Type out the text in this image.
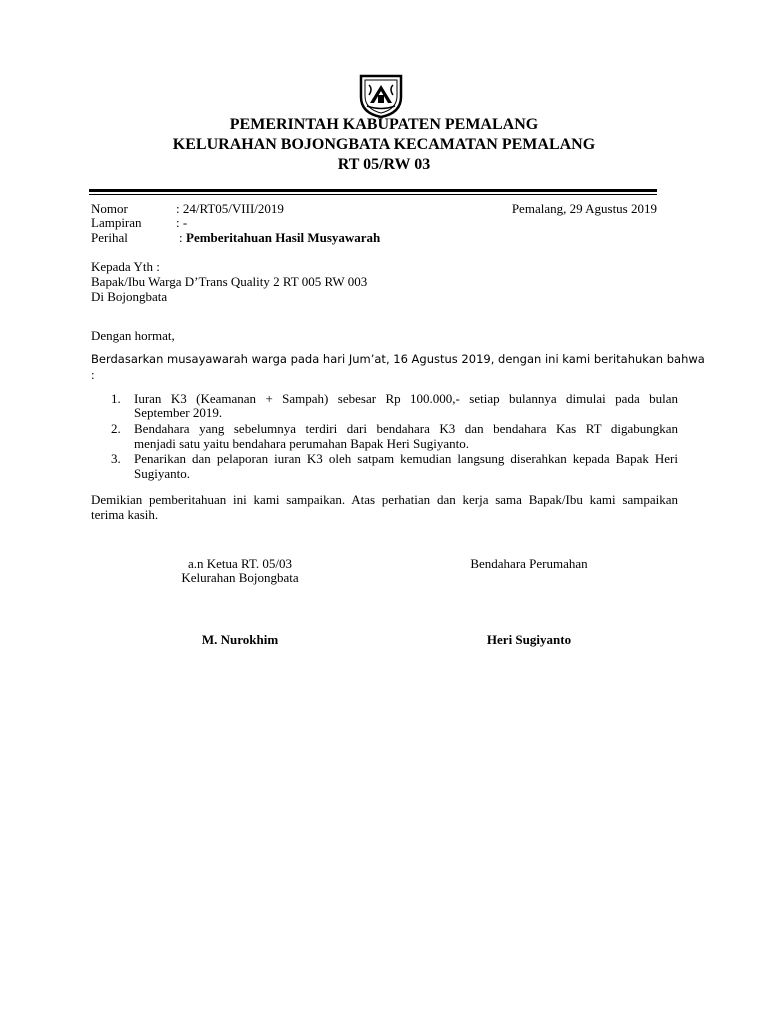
PEMERINTAH KABUPATEN PEMALANG
KELURAHAN BOJONGBATA KECAMATAN PEMALANG
RT 05/RW 03
Nomor	: 24/RT05/VIII/2019	Pemalang, 29 Agustus 2019
Lampiran	: -
Perihal	: Pemberitahuan Hasil Musyawarah
Kepada Yth :
Bapak/Ibu Warga D’Trans Quality 2 RT 005 RW 003
Di Bojongbata
Dengan hormat,
Berdasarkan musayawarah warga pada hari Jum’at, 16 Agustus 2019, dengan ini kami beritahukan bahwa
:
1. Iuran K3 (Keamanan + Sampah) sebesar Rp 100.000,- setiap bulannya dimulai pada bulan
September 2019.
2. Bendahara yang sebelumnya terdiri dari bendahara K3 dan bendahara Kas RT digabungkan
menjadi satu yaitu bendahara perumahan Bapak Heri Sugiyanto.
3. Penarikan dan pelaporan iuran K3 oleh satpam kemudian langsung diserahkan kepada Bapak Heri
Sugiyanto.
Demikian pemberitahuan ini kami sampaikan. Atas perhatian dan kerja sama Bapak/Ibu kami sampaikan
terima kasih.
a.n Ketua RT. 05/03
Kelurahan Bojongbata
M. Nurokhim
Bendahara Perumahan
Heri Sugiyanto
